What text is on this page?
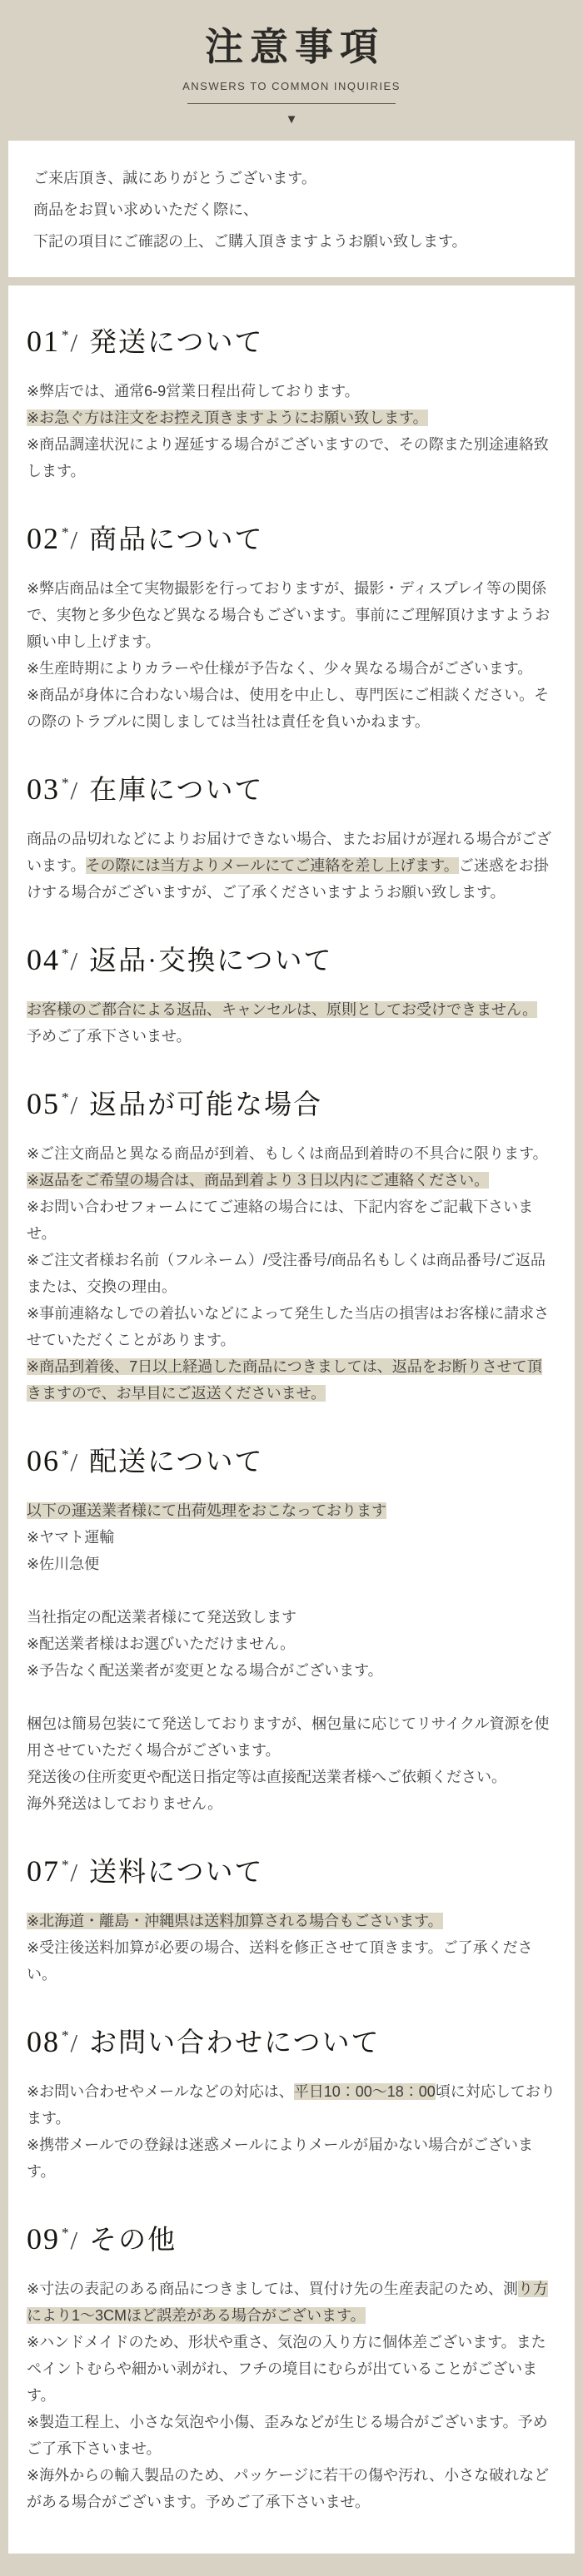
注意事項
ANSWERS TO COMMON INQUIRIES
▼

ご来店頂き、誠にありがとうございます。

商品をお買い求めいただく際に、

下記の項目にご確認の上、ご購入頂きますようお願い致します。

01 */ 発送について

※弊店では、通常6-9営業日程出荷しております。

※お急ぐ方は注文をお控え頂きますようにお願い致します。

※商品調達状況により遅延する場合がございますので、その際また別途連絡致します。

02 */ 商品について

※弊店商品は全て実物撮影を行っておりますが、撮影・ディスプレイ等の関係で、実物と多少色など異なる場合もございます。事前にご理解頂けますようお願い申し上げます。

※生産時期によりカラーや仕様が予告なく、少々異なる場合がございます。

※商品が身体に合わない場合は、使用を中止し、専門医にご相談ください。その際のトラブルに関しましては当社は責任を負いかねます。

03 */ 在庫について

商品の品切れなどによりお届けできない場合、またお届けが遅れる場合がございます。その際には当方よりメールにてご連絡を差し上げます。ご迷惑をお掛けする場合がございますが、ご了承くださいますようお願い致します。

04 */ 返品·交換について

お客様のご都合による返品、キャンセルは、原則としてお受けできません。

予めご了承下さいませ。

05 */ 返品が可能な場合

※ご注文商品と異なる商品が到着、もしくは商品到着時の不具合に限ります。

※返品をご希望の場合は、商品到着より３日以内にご連絡ください。

※お問い合わせフォームにてご連絡の場合には、下記内容をご記載下さいませ。

※ご注文者様お名前（フルネーム）/受注番号/商品名もしくは商品番号/ご返品または、交換の理由。

※事前連絡なしでの着払いなどによって発生した当店の損害はお客様に請求させていただくことがあります。

※商品到着後、7日以上経過した商品につきましては、返品をお断りさせて頂きますので、お早目にご返送くださいませ。

06 */ 配送について

以下の運送業者様にて出荷処理をおこなっております

※ヤマト運輸

※佐川急便

当社指定の配送業者様にて発送致します

※配送業者様はお選びいただけません。

※予告なく配送業者が変更となる場合がございます。

梱包は簡易包装にて発送しておりますが、梱包量に応じてリサイクル資源を使用させていただく場合がございます。

発送後の住所変更や配送日指定等は直接配送業者様へご依頼ください。

海外発送はしておりません。

07 */ 送料について

※北海道・離島・沖縄県は送料加算される場合もごさいます。

※受注後送料加算が必要の場合、送料を修正させて頂きます。ご了承ください。

08 */ お問い合わせについて

※お問い合わせやメールなどの対応は、平日10：00～18：00頃に対応しております。

※携帯メールでの登録は迷惑メールによりメールが届かない場合がございます。

09 */ その他

※寸法の表記のある商品につきましては、買付け先の生産表記のため、測り方により1～3CMほど誤差がある場合がございます。

※ハンドメイドのため、形状や重さ、気泡の入り方に個体差ございます。またペイントむらや細かい剥がれ、フチの境目にむらが出ていることがございます。

※製造工程上、小さな気泡や小傷、歪みなどが生じる場合がございます。予めご了承下さいませ。

※海外からの輸入製品のため、パッケージに若干の傷や汚れ、小さな破れなどがある場合がございます。予めご了承下さいませ。
